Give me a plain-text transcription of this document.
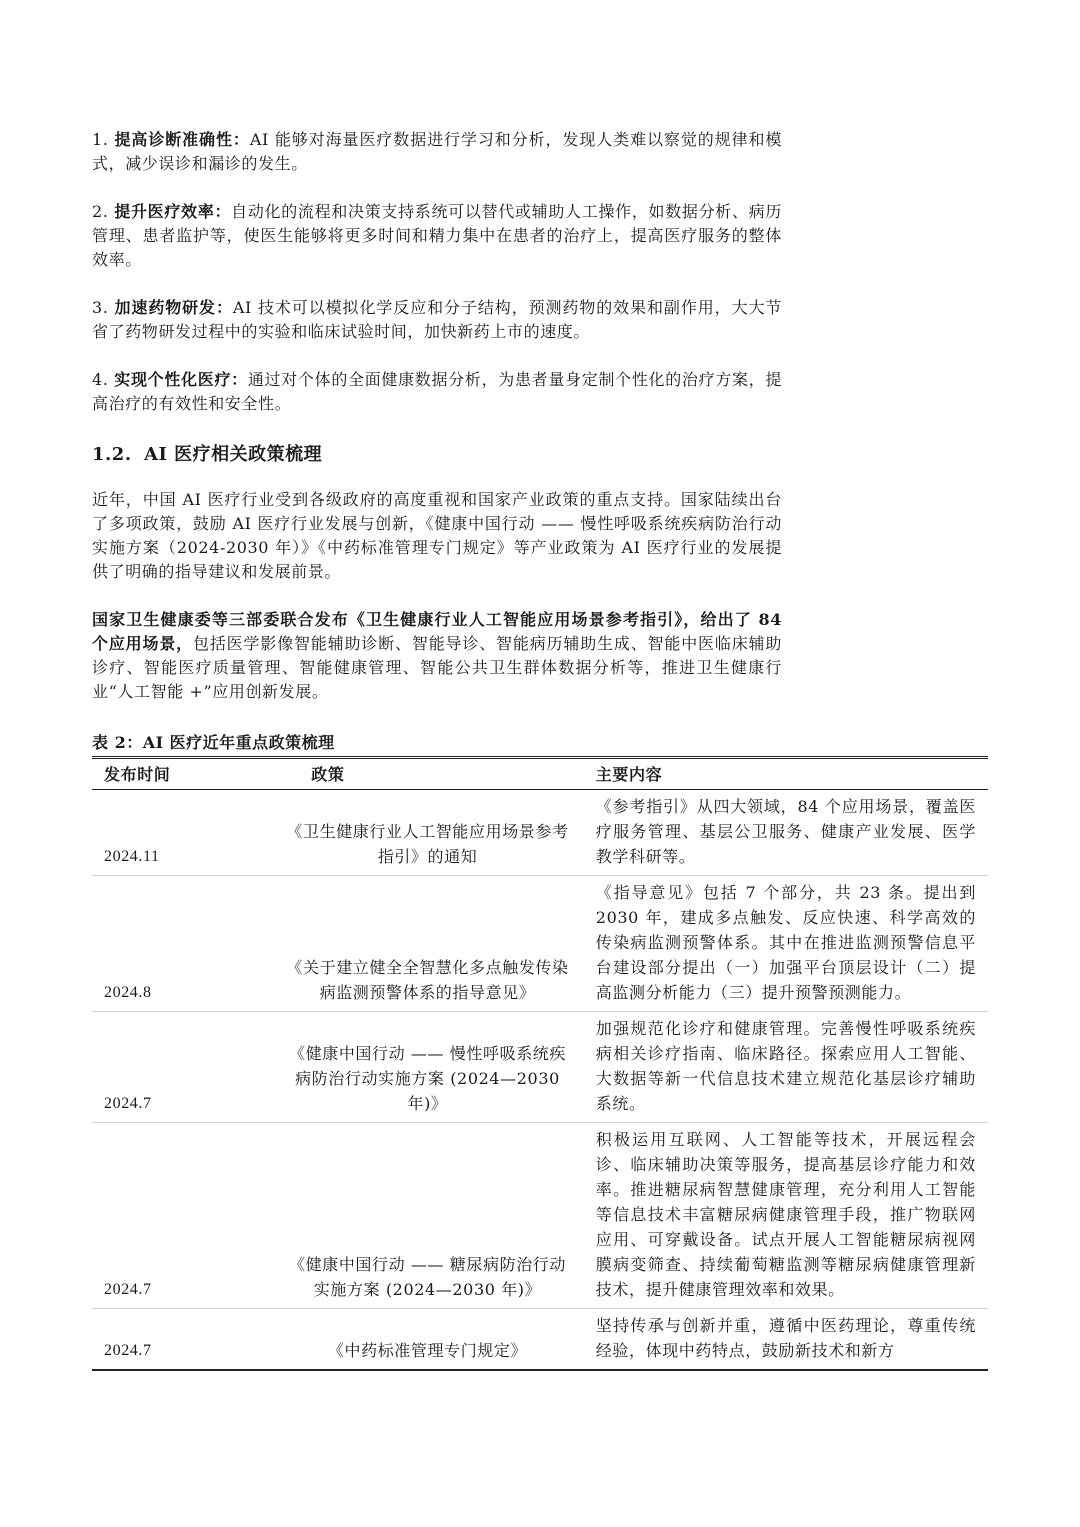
1. 提高诊断准确性：AI 能够对海量医疗数据进行学习和分析，发现人类难以察觉的规律和模式，减少误诊和漏诊的发生。

2. 提升医疗效率：自动化的流程和决策支持系统可以替代或辅助人工操作，如数据分析、病历管理、患者监护等，使医生能够将更多时间和精力集中在患者的治疗上，提高医疗服务的整体效率。

3. 加速药物研发：AI 技术可以模拟化学反应和分子结构，预测药物的效果和副作用，大大节省了药物研发过程中的实验和临床试验时间，加快新药上市的速度。

4. 实现个性化医疗：通过对个体的全面健康数据分析，为患者量身定制个性化的治疗方案，提高治疗的有效性和安全性。

1.2. AI 医疗相关政策梳理

近年，中国 AI 医疗行业受到各级政府的高度重视和国家产业政策的重点支持。国家陆续出台了多项政策，鼓励 AI 医疗行业发展与创新，《健康中国行动 —— 慢性呼吸系统疾病防治行动实施方案（2024-2030 年）》《中药标准管理专门规定》等产业政策为 AI 医疗行业的发展提供了明确的指导建议和发展前景。

国家卫生健康委等三部委联合发布《卫生健康行业人工智能应用场景参考指引》，给出了 84 个应用场景，包括医学影像智能辅助诊断、智能导诊、智能病历辅助生成、智能中医临床辅助诊疗、智能医疗质量管理、智能健康管理、智能公共卫生群体数据分析等，推进卫生健康行业“人工智能 +”应用创新发展。

表 2：AI 医疗近年重点政策梳理

发布时间	政策	主要内容
2024.11	《卫生健康行业人工智能应用场景参考指引》的通知	《参考指引》从四大领域，84 个应用场景，覆盖医疗服务管理、基层公卫服务、健康产业发展、医学教学科研等。
2024.8	《关于建立健全全智慧化多点触发传染病监测预警体系的指导意见》	《指导意见》包括 7 个部分，共 23 条。提出到 2030 年，建成多点触发、反应快速、科学高效的传染病监测预警体系。其中在推进监测预警信息平台建设部分提出（一）加强平台顶层设计（二）提高监测分析能力（三）提升预警预测能力。
2024.7	《健康中国行动 —— 慢性呼吸系统疾病防治行动实施方案 (2024—2030 年)》	加强规范化诊疗和健康管理。完善慢性呼吸系统疾病相关诊疗指南、临床路径。探索应用人工智能、大数据等新一代信息技术建立规范化基层诊疗辅助系统。
2024.7	《健康中国行动 —— 糖尿病防治行动实施方案 (2024—2030 年)》	积极运用互联网、人工智能等技术，开展远程会诊、临床辅助决策等服务，提高基层诊疗能力和效率。推进糖尿病智慧健康管理，充分利用人工智能等信息技术丰富糖尿病健康管理手段，推广物联网应用、可穿戴设备。试点开展人工智能糖尿病视网膜病变筛查、持续葡萄糖监测等糖尿病健康管理新技术，提升健康管理效率和效果。
2024.7	《中药标准管理专门规定》	坚持传承与创新并重，遵循中医药理论，尊重传统经验，体现中药特点，鼓励新技术和新方
